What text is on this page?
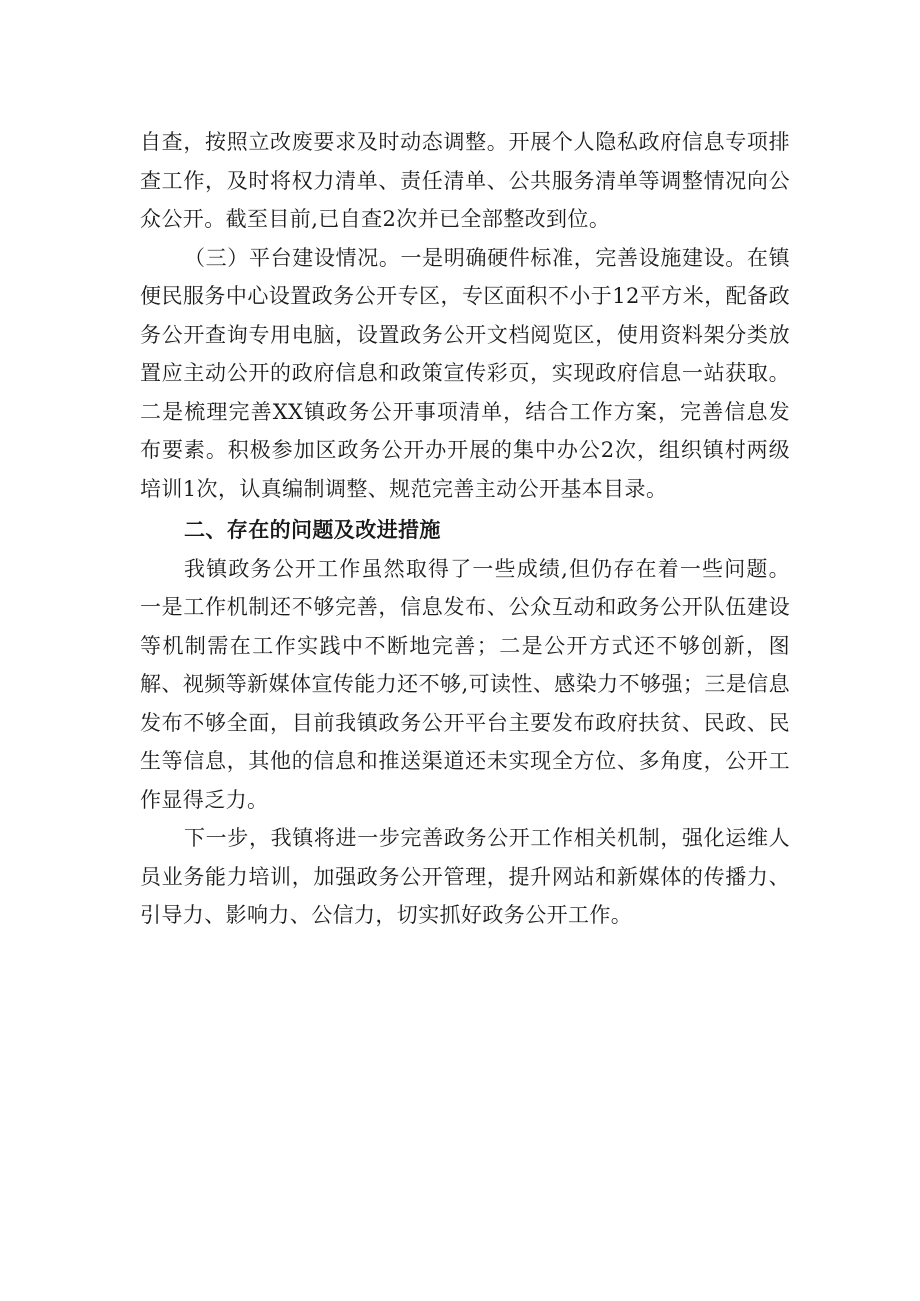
自查，按照立改废要求及时动态调整。开展个人隐私政府信息专项排查工作，及时将权力清单、责任清单、公共服务清单等调整情况向公众公开。截至目前,已自查2次并已全部整改到位。

（三）平台建设情况。一是明确硬件标准，完善设施建设。在镇便民服务中心设置政务公开专区，专区面积不小于12平方米，配备政务公开查询专用电脑，设置政务公开文档阅览区，使用资料架分类放置应主动公开的政府信息和政策宣传彩页，实现政府信息一站获取。二是梳理完善XX镇政务公开事项清单，结合工作方案，完善信息发布要素。积极参加区政务公开办开展的集中办公2次，组织镇村两级培训1次，认真编制调整、规范完善主动公开基本目录。

二、存在的问题及改进措施

我镇政务公开工作虽然取得了一些成绩,但仍存在着一些问题。一是工作机制还不够完善，信息发布、公众互动和政务公开队伍建设等机制需在工作实践中不断地完善；二是公开方式还不够创新，图解、视频等新媒体宣传能力还不够,可读性、感染力不够强；三是信息发布不够全面，目前我镇政务公开平台主要发布政府扶贫、民政、民生等信息，其他的信息和推送渠道还未实现全方位、多角度，公开工作显得乏力。

下一步，我镇将进一步完善政务公开工作相关机制，强化运维人员业务能力培训，加强政务公开管理，提升网站和新媒体的传播力、引导力、影响力、公信力，切实抓好政务公开工作。
